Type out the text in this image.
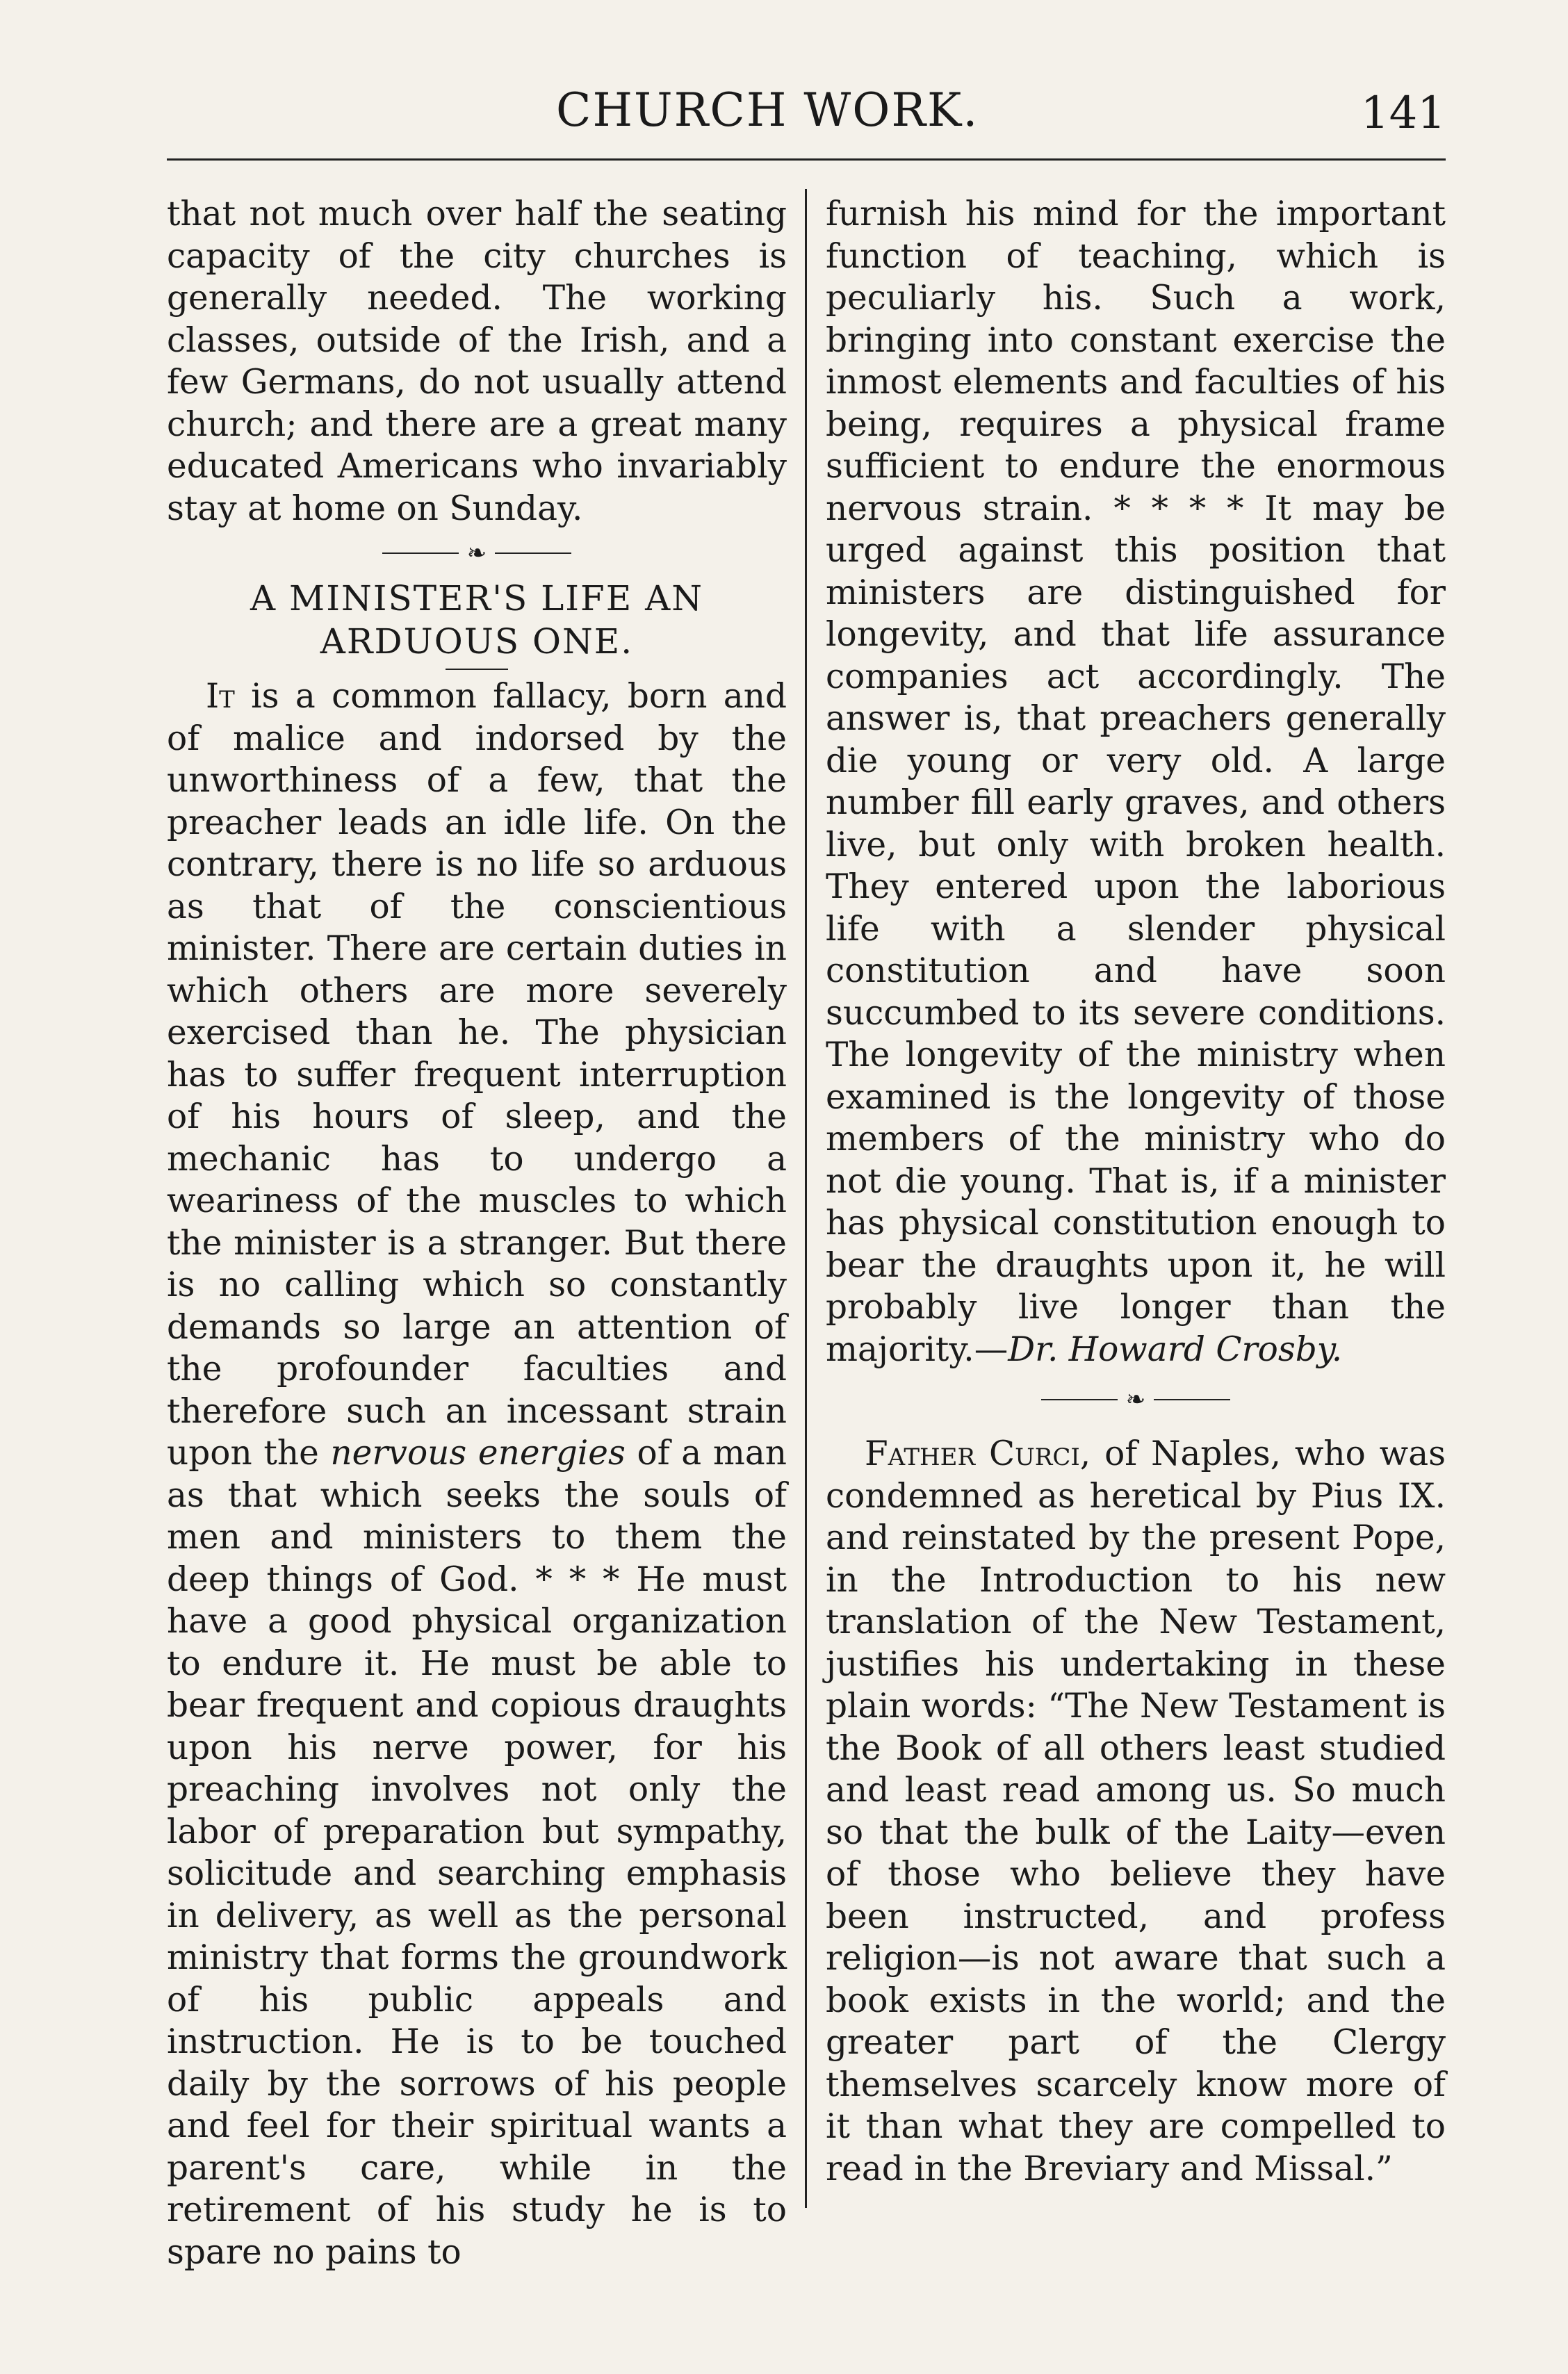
CHURCH WORK.	141

that not much over half the seating capacity of the city churches is generally needed. The working classes, outside of the Irish, and a few Germans, do not usually attend church; and there are a great many educated Americans who invariably stay at home on Sunday.

❧
A MINISTER'S LIFE AN ARDUOUS ONE.

It is a common fallacy, born and of malice and indorsed by the unworthiness of a few, that the preacher leads an idle life. On the contrary, there is no life so arduous as that of the conscientious minister. There are certain duties in which others are more severely exercised than he. The physician has to suffer frequent interruption of his hours of sleep, and the mechanic has to undergo a weariness of the muscles to which the minister is a stranger. But there is no calling which so constantly demands so large an attention of the profounder faculties and therefore such an incessant strain upon the nervous energies of a man as that which seeks the souls of men and ministers to them the deep things of God. * * * He must have a good physical organization to endure it. He must be able to bear frequent and copious draughts upon his nerve power, for his preaching involves not only the labor of preparation but sympathy, solicitude and searching emphasis in delivery, as well as the personal ministry that forms the groundwork of his public appeals and instruction. He is to be touched daily by the sorrows of his people and feel for their spiritual wants a parent's care, while in the retirement of his study he is to spare no pains to

furnish his mind for the important function of teaching, which is peculiarly his. Such a work, bringing into constant exercise the inmost elements and faculties of his being, requires a physical frame sufficient to endure the enormous nervous strain. * * * * It may be urged against this position that ministers are distinguished for longevity, and that life assurance companies act accordingly. The answer is, that preachers generally die young or very old. A large number fill early graves, and others live, but only with broken health. They entered upon the laborious life with a slender physical constitution and have soon succumbed to its severe conditions. The longevity of the ministry when examined is the longevity of those members of the ministry who do not die young. That is, if a minister has physical constitution enough to bear the draughts upon it, he will probably live longer than the majority.—Dr. Howard Crosby.

❧

Father Curci, of Naples, who was condemned as heretical by Pius IX. and reinstated by the present Pope, in the Introduction to his new translation of the New Testament, justifies his undertaking in these plain words: “The New Testament is the Book of all others least studied and least read among us. So much so that the bulk of the Laity—even of those who believe they have been instructed, and profess religion—is not aware that such a book exists in the world; and the greater part of the Clergy themselves scarcely know more of it than what they are compelled to read in the Breviary and Missal.”
